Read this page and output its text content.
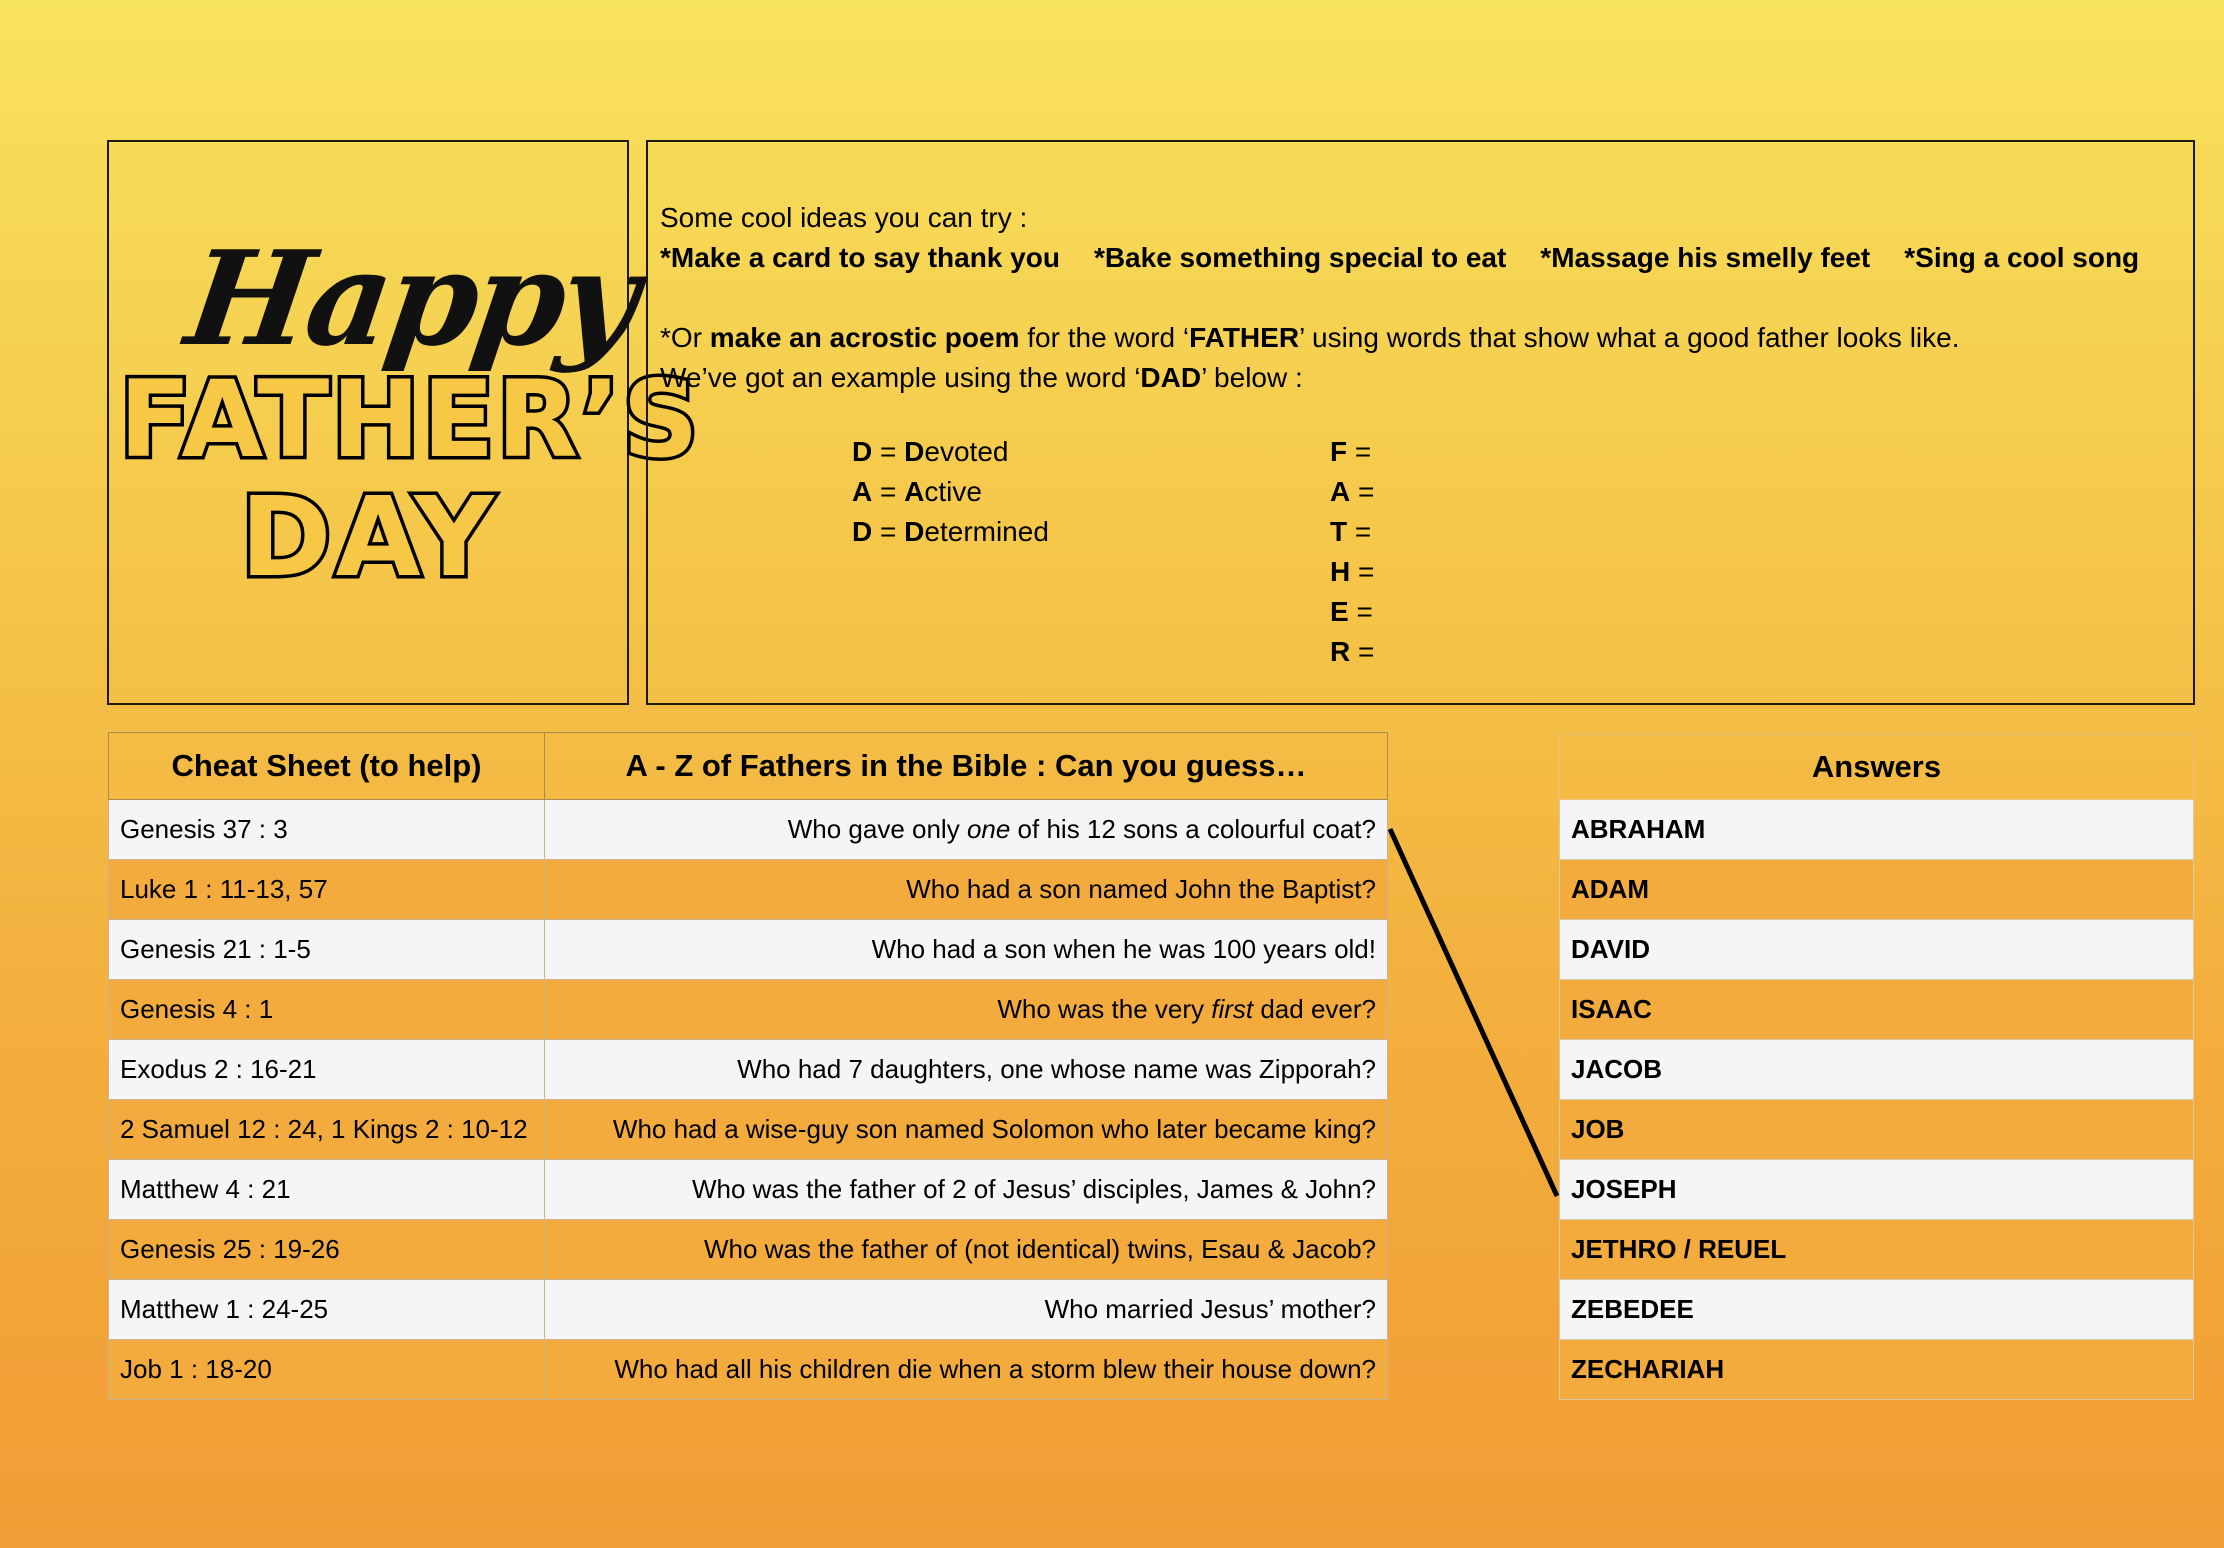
Happy
FATHER’S
DAY
Some cool ideas you can try :
*Make a card to say thank you *Bake something special to eat *Massage his smelly feet *Sing a cool song
*Or make an acrostic poem for the word ‘FATHER’ using words that show what a good father looks like.
We’ve got an example using the word ‘DAD’ below :
D = Devoted
A = Active
D = Determined
F =
A =
T =
H =
E =
R =
Cheat Sheet (to help)	A - Z of Fathers in the Bible : Can you guess…
Genesis 37 : 3	Who gave only one of his 12 sons a colourful coat?
Luke 1 : 11-13, 57	Who had a son named John the Baptist?
Genesis 21 : 1-5	Who had a son when he was 100 years old!
Genesis 4 : 1	Who was the very first dad ever?
Exodus 2 : 16-21	Who had 7 daughters, one whose name was Zipporah?
2 Samuel 12 : 24, 1 Kings 2 : 10-12	Who had a wise-guy son named Solomon who later became king?
Matthew 4 : 21	Who was the father of 2 of Jesus’ disciples, James & John?
Genesis 25 : 19-26	Who was the father of (not identical) twins, Esau & Jacob?
Matthew 1 : 24-25	Who married Jesus’ mother?
Job 1 : 18-20	Who had all his children die when a storm blew their house down?
Answers
ABRAHAM
ADAM
DAVID
ISAAC
JACOB
JOB
JOSEPH
JETHRO / REUEL
ZEBEDEE
ZECHARIAH
